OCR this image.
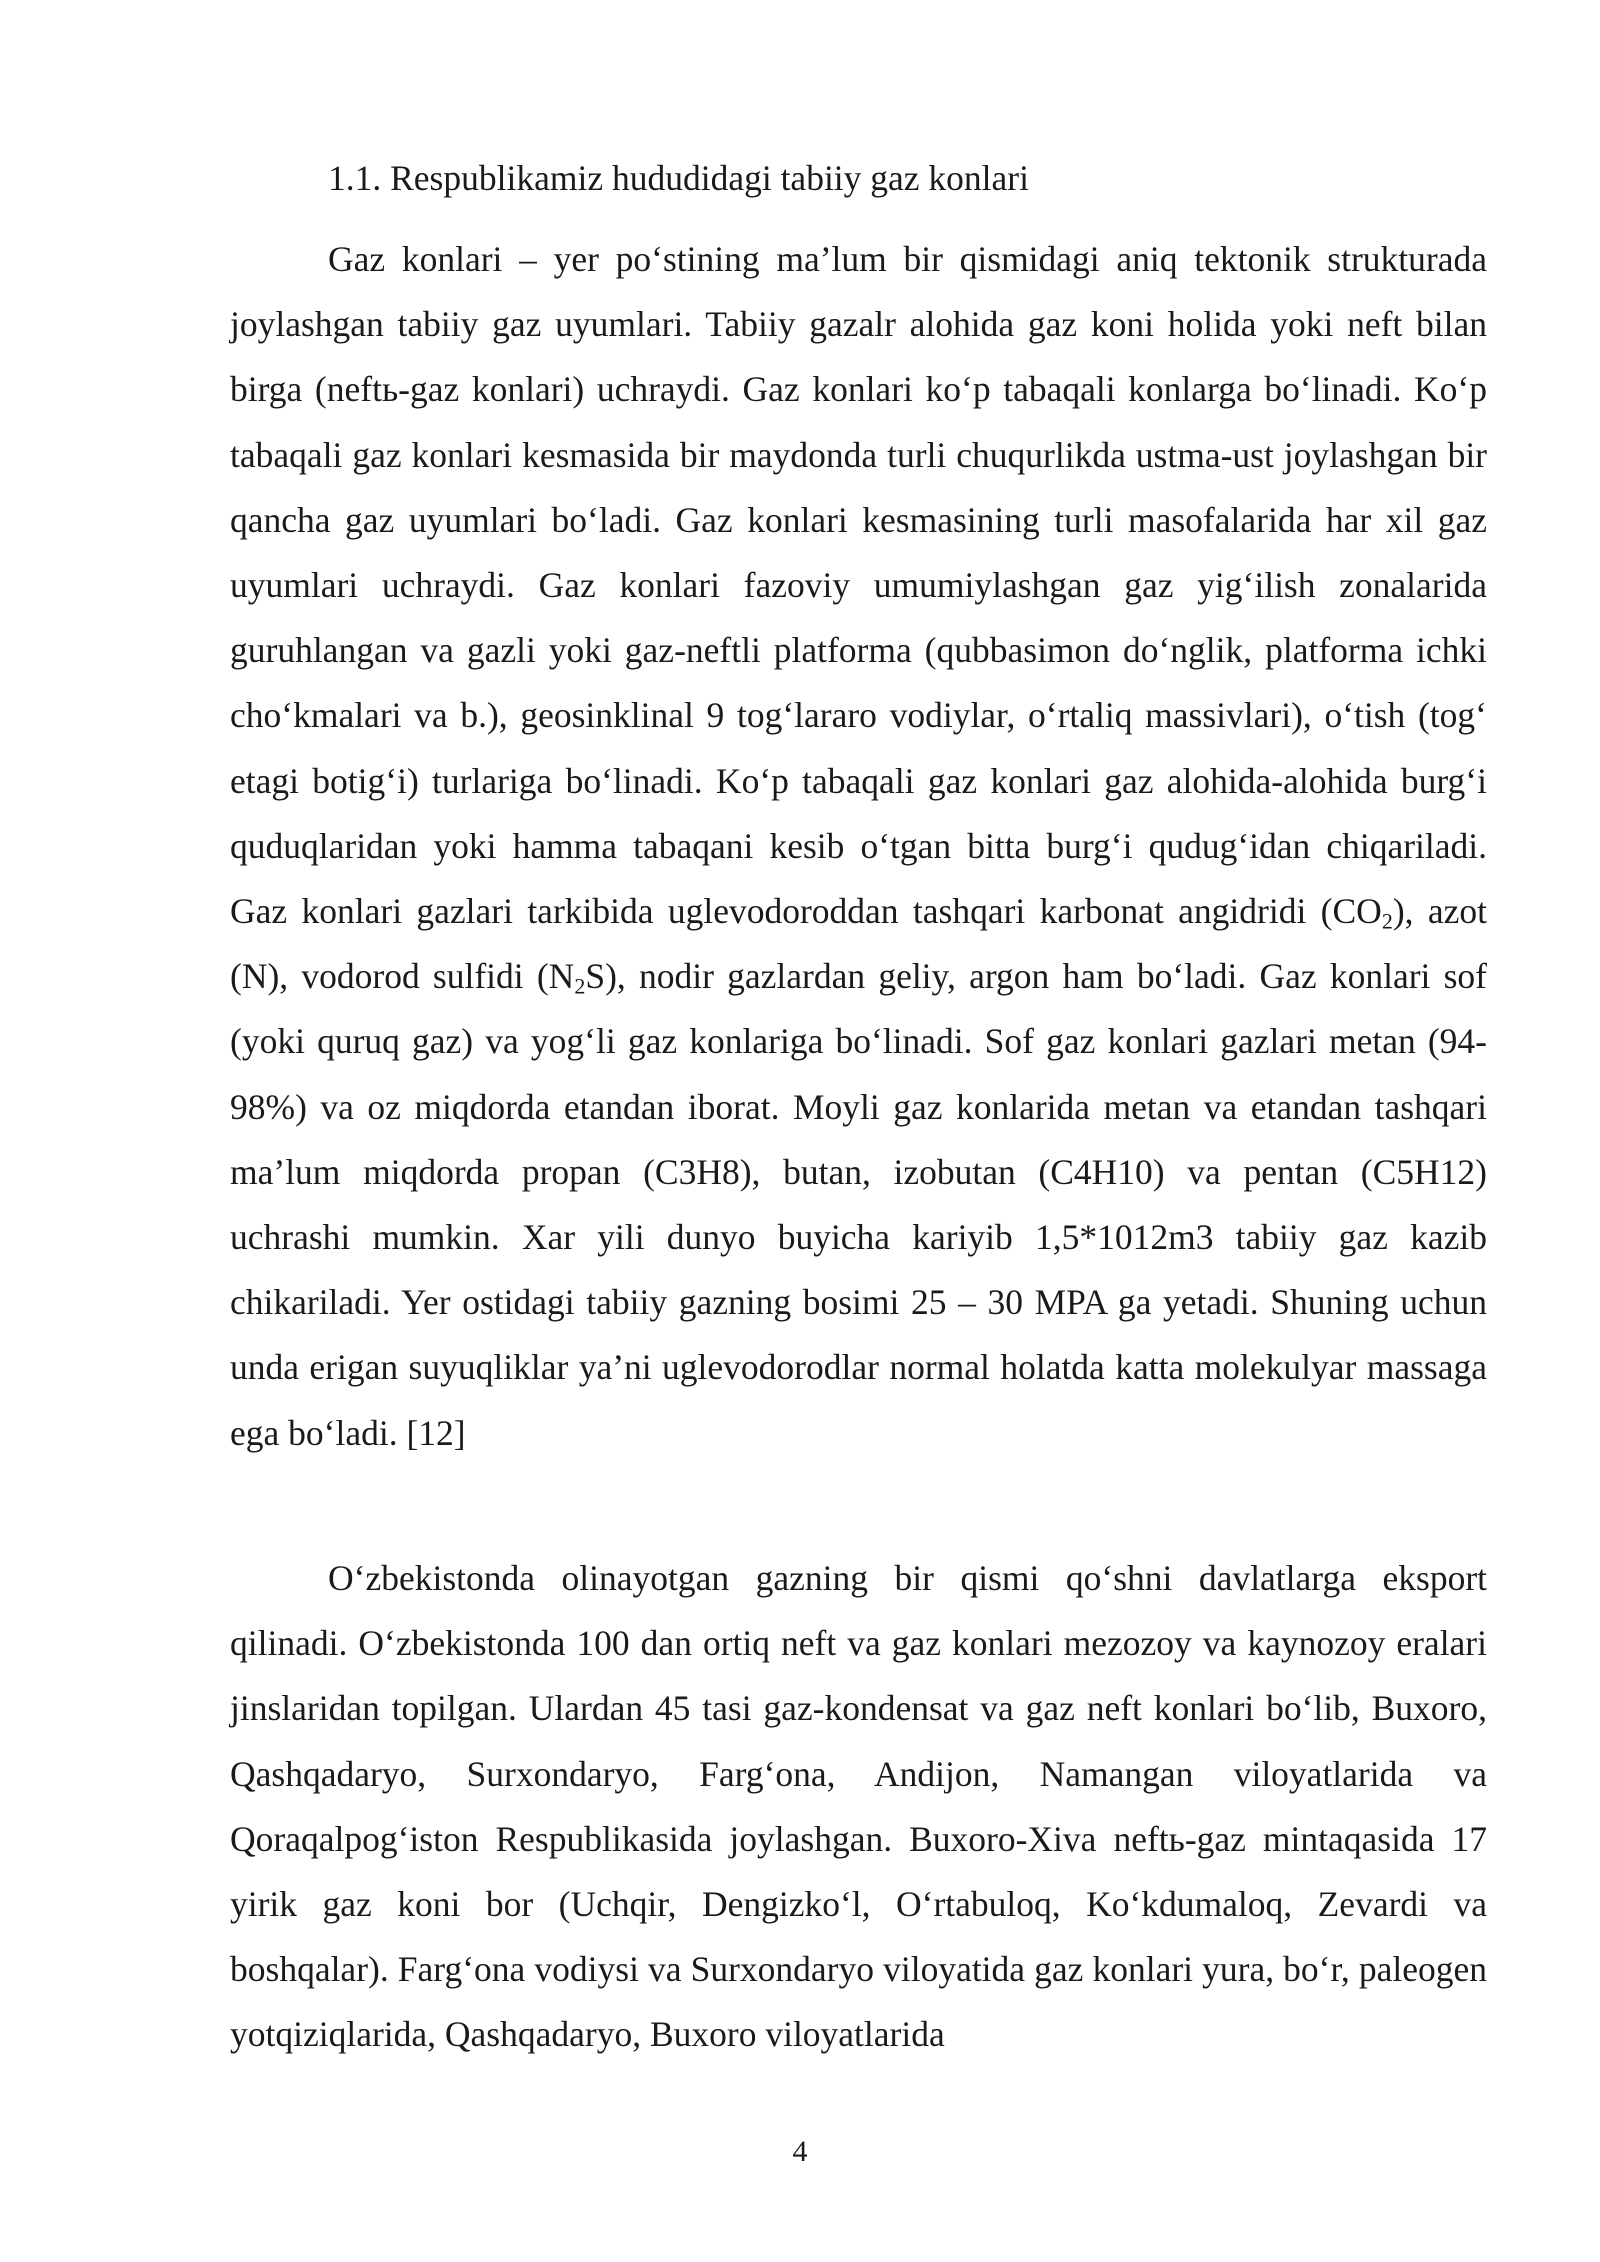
1.1. Respublikamiz hududidagi tabiiy gaz konlari

Gaz konlari – yer po‘stining ma’lum bir qismidagi aniq tektonik strukturada joylashgan tabiiy gaz uyumlari. Tabiiy gazalr alohida gaz koni holida yoki neft bilan birga (neftь-gaz konlari) uchraydi. Gaz konlari ko‘p tabaqali konlarga bo‘linadi. Ko‘p tabaqali gaz konlari kesmasida bir maydonda turli chuqurlikda ustma-ust joylashgan bir qancha gaz uyumlari bo‘ladi. Gaz konlari kesmasining turli masofalarida har xil gaz uyumlari uchraydi. Gaz konlari fazoviy umumiylashgan gaz yig‘ilish zonalarida guruhlangan va gazli yoki gaz-neftli platforma (qubbasimon do‘nglik, platforma ichki cho‘kmalari va b.), geosinklinal 9 tog‘lararo vodiylar, o‘rtaliq massivlari), o‘tish (tog‘ etagi botig‘i) turlariga bo‘linadi. Ko‘p tabaqali gaz konlari gaz alohida-alohida burg‘i quduqlaridan yoki hamma tabaqani kesib o‘tgan bitta burg‘i qudug‘idan chiqariladi. Gaz konlari gazlari tarkibida uglevodoroddan tashqari karbonat angidridi $(CO_2)$, azot (N), vodorod sulfidi $(N_2S)$, nodir gazlardan geliy, argon ham bo‘ladi. Gaz konlari sof (yoki quruq gaz) va yog‘li gaz konlariga bo‘linadi. Sof gaz konlari gazlari metan (94-98%) va oz miqdorda etandan iborat. Moyli gaz konlarida metan va etandan tashqari ma’lum miqdorda propan (C3H8), butan, izobutan (C4H10) va pentan (C5H12) uchrashi mumkin. Xar yili dunyo buyicha kariyib 1,5*1012m3 tabiiy gaz kazib chikariladi. Yer ostidagi tabiiy gazning bosimi 25 – 30 MPA ga yetadi. Shuning uchun unda erigan suyuqliklar ya’ni uglevodorodlar normal holatda katta molekulyar massaga ega bo‘ladi. [12]

O‘zbekistonda olinayotgan gazning bir qismi qo‘shni davlatlarga eksport qilinadi. O‘zbekistonda 100 dan ortiq neft va gaz konlari mezozoy va kaynozoy eralari jinslaridan topilgan. Ulardan 45 tasi gaz-kondensat va gaz neft konlari bo‘lib, Buxoro, Qashqadaryo, Surxondaryo, Farg‘ona, Andijon, Namangan viloyatlarida va Qoraqalpog‘iston Respublikasida joylashgan. Buxoro-Xiva neftь-gaz mintaqasida 17 yirik gaz koni bor (Uchqir, Dengizko‘l, O‘rtabuloq, Ko‘kdumaloq, Zevardi va boshqalar). Farg‘ona vodiysi va Surxondaryo viloyatida gaz konlari yura, bo‘r, paleogen yotqiziqlarida, Qashqadaryo, Buxoro viloyatlarida

4
